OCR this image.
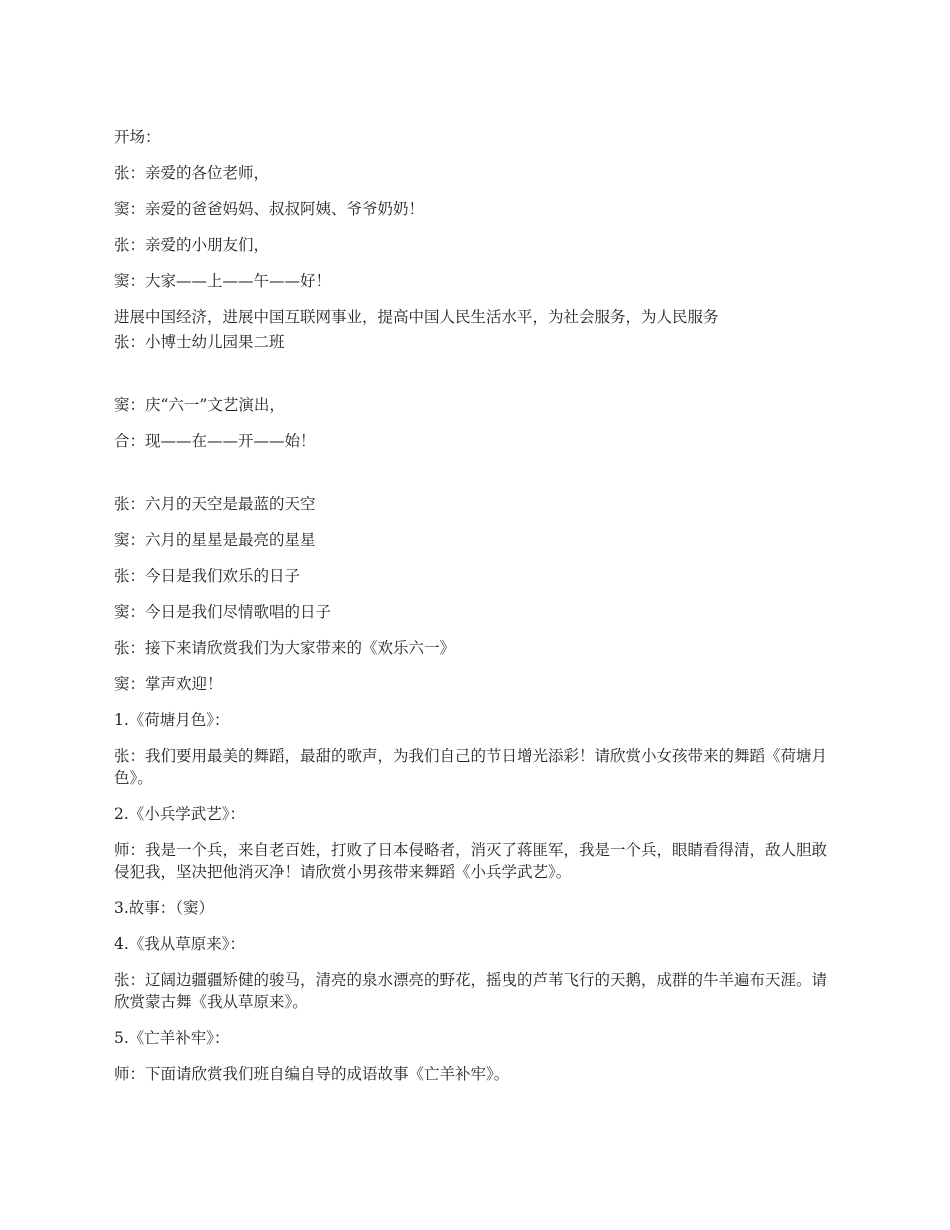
开场：

张：亲爱的各位老师，

窦：亲爱的爸爸妈妈、叔叔阿姨、爷爷奶奶！

张：亲爱的小朋友们，

窦：大家——上——午——好！

进展中国经济，进展中国互联网事业，提高中国人民生活水平，为社会服务，为人民服务

张：小博士幼儿园果二班

窦：庆“六一”文艺演出，

合：现——在——开——始！

张：六月的天空是最蓝的天空

窦：六月的星星是最亮的星星

张：今日是我们欢乐的日子

窦：今日是我们尽情歌唱的日子

张：接下来请欣赏我们为大家带来的《欢乐六一》

窦：掌声欢迎！

1.《荷塘月色》：

张：我们要用最美的舞蹈，最甜的歌声，为我们自己的节日增光添彩！请欣赏小女孩带来的舞蹈《荷塘月色》。

2.《小兵学武艺》：

师：我是一个兵，来自老百姓，打败了日本侵略者，消灭了蒋匪军，我是一个兵，眼睛看得清，敌人胆敢侵犯我，坚决把他消灭净！请欣赏小男孩带来舞蹈《小兵学武艺》。

3.故事：（窦）

4.《我从草原来》：

张：辽阔边疆疆矫健的骏马，清亮的泉水漂亮的野花，摇曳的芦苇飞行的天鹅，成群的牛羊遍布天涯。请欣赏蒙古舞《我从草原来》。

5.《亡羊补牢》：

师：下面请欣赏我们班自编自导的成语故事《亡羊补牢》。
